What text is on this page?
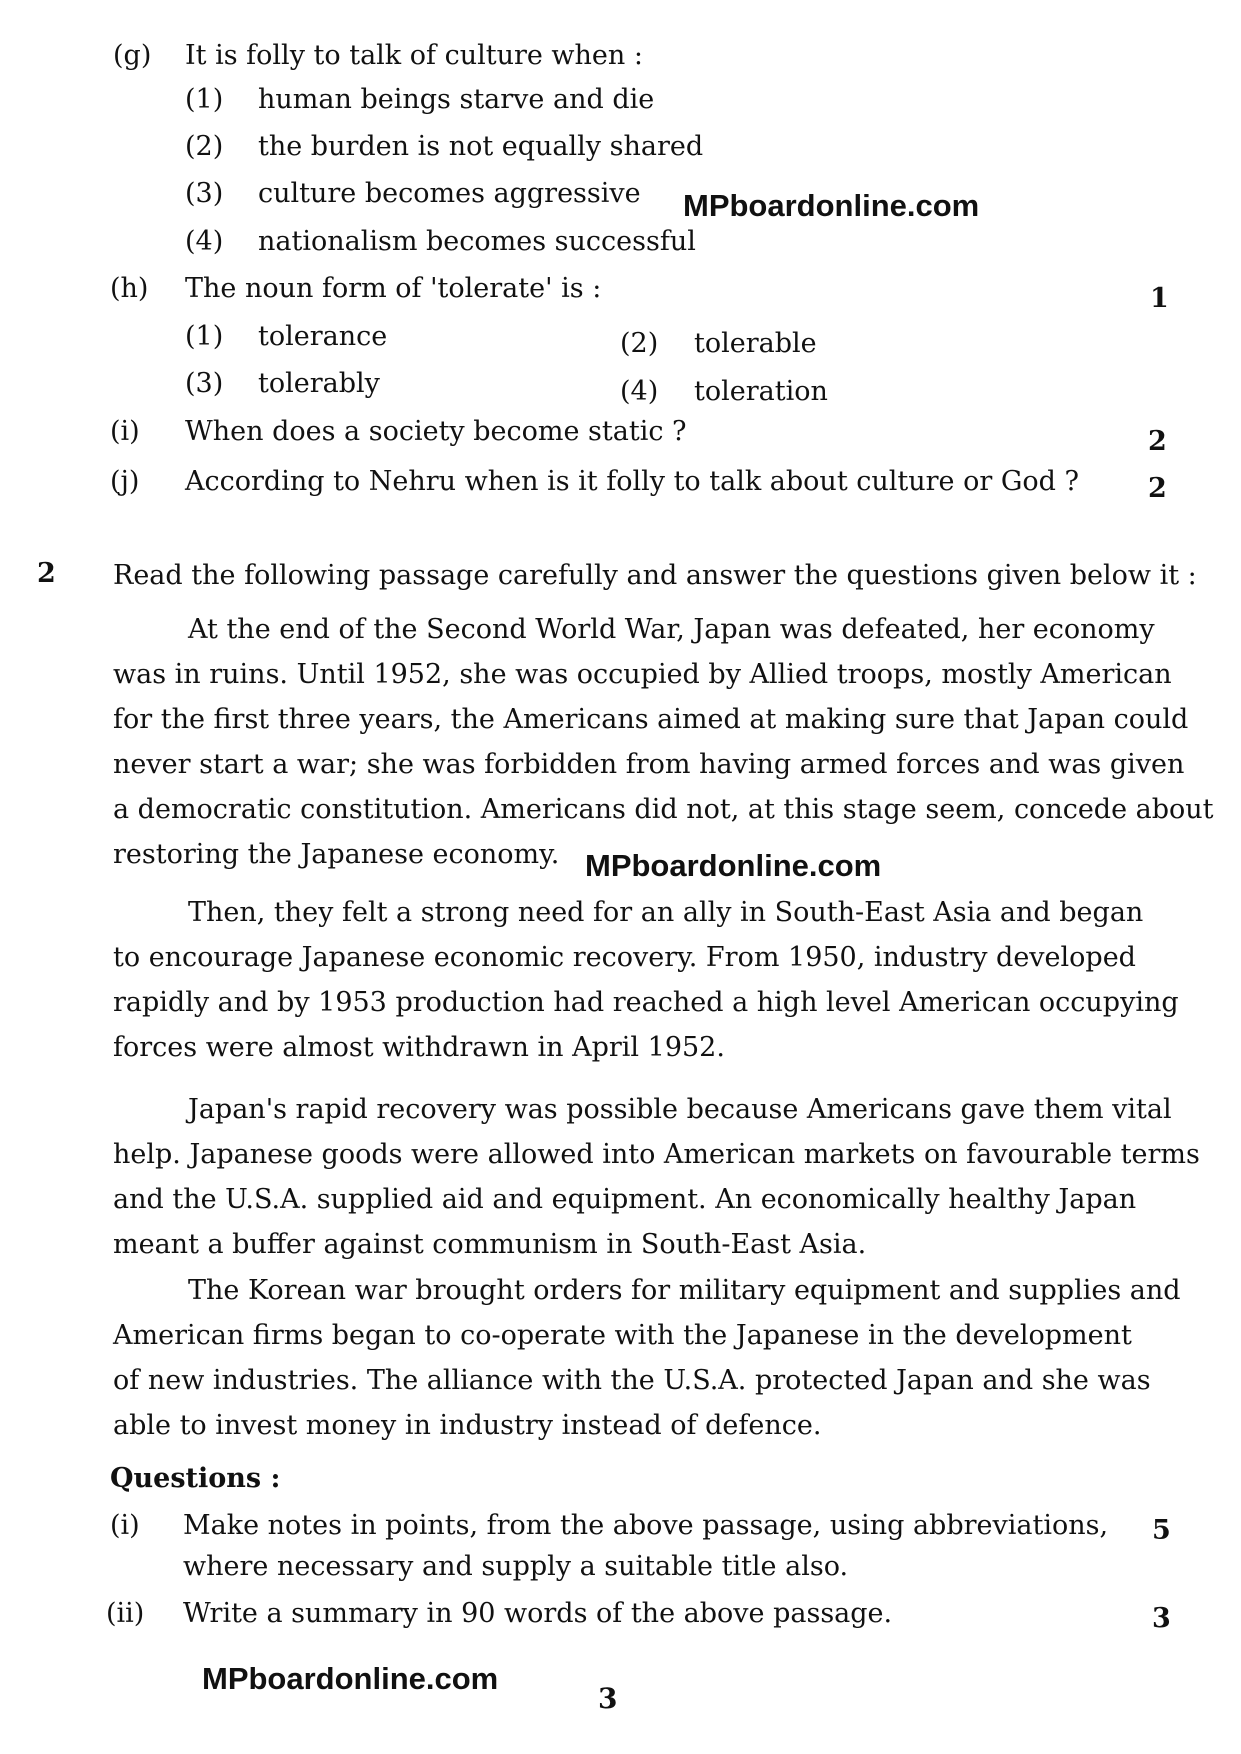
(g) It is folly to talk of culture when :
(1) human beings starve and die
(2) the burden is not equally shared
(3) culture becomes aggressive MPboardonline.com
(4) nationalism becomes successful
(h) The noun form of 'tolerate' is :	1
(1) tolerance	(2) tolerable
(3) tolerably	(4) toleration
(i) When does a society become static ?	2
(j) According to Nehru when is it folly to talk about culture or God ?	2
2 Read the following passage carefully and answer the questions given below it :
At the end of the Second World War, Japan was defeated, her economy
was in ruins. Until 1952, she was occupied by Allied troops, mostly American
for the first three years, the Americans aimed at making sure that Japan could
never start a war; she was forbidden from having armed forces and was given
a democratic constitution. Americans did not, at this stage seem, concede about
restoring the Japanese economy. MPboardonline.com
Then, they felt a strong need for an ally in South-East Asia and began
to encourage Japanese economic recovery. From 1950, industry developed
rapidly and by 1953 production had reached a high level American occupying
forces were almost withdrawn in April 1952.
Japan's rapid recovery was possible because Americans gave them vital
help. Japanese goods were allowed into American markets on favourable terms
and the U.S.A. supplied aid and equipment. An economically healthy Japan
meant a buffer against communism in South-East Asia.
The Korean war brought orders for military equipment and supplies and
American firms began to co-operate with the Japanese in the development
of new industries. The alliance with the U.S.A. protected Japan and she was
able to invest money in industry instead of defence.
Questions :
(i) Make notes in points, from the above passage, using abbreviations,
where necessary and supply a suitable title also.
5
(ii) Write a summary in 90 words of the above passage.	3
MPboardonline.com
3
